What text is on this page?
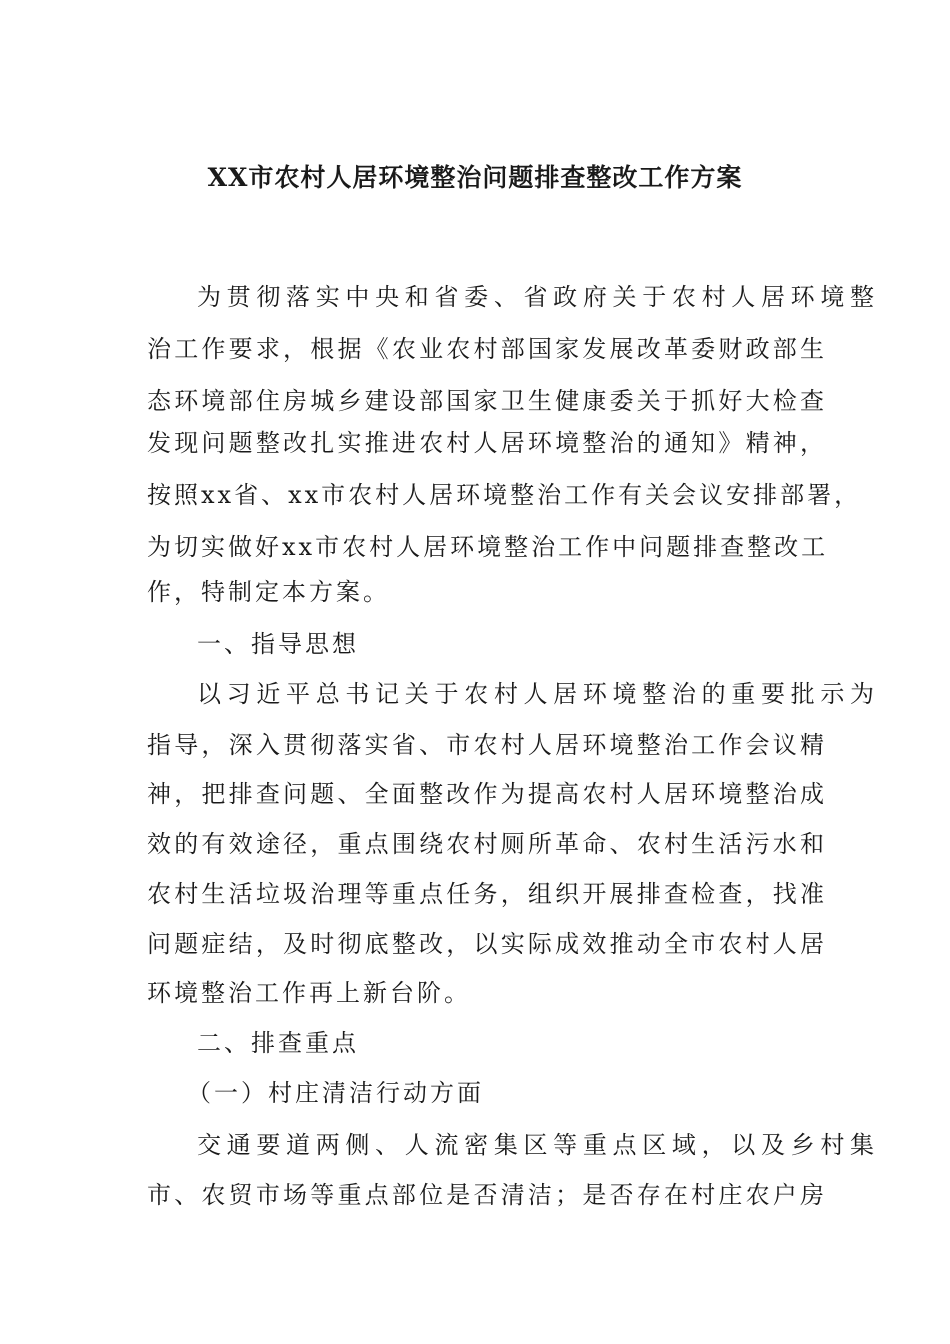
XX市农村人居环境整治问题排查整改工作方案
为贯彻落实中央和省委、省政府关于农村人居环境整
治工作要求，根据《农业农村部国家发展改革委财政部生
态环境部住房城乡建设部国家卫生健康委关于抓好大检查
发现问题整改扎实推进农村人居环境整治的通知》精神，
按照xx省、xx市农村人居环境整治工作有关会议安排部署，
为切实做好xx市农村人居环境整治工作中问题排查整改工
作，特制定本方案。
一、指导思想
以习近平总书记关于农村人居环境整治的重要批示为
指导，深入贯彻落实省、市农村人居环境整治工作会议精
神，把排查问题、全面整改作为提高农村人居环境整治成
效的有效途径，重点围绕农村厕所革命、农村生活污水和
农村生活垃圾治理等重点任务，组织开展排查检查，找准
问题症结，及时彻底整改，以实际成效推动全市农村人居
环境整治工作再上新台阶。
二、排查重点
（一）村庄清洁行动方面
交通要道两侧、人流密集区等重点区域，以及乡村集
市、农贸市场等重点部位是否清洁；是否存在村庄农户房
